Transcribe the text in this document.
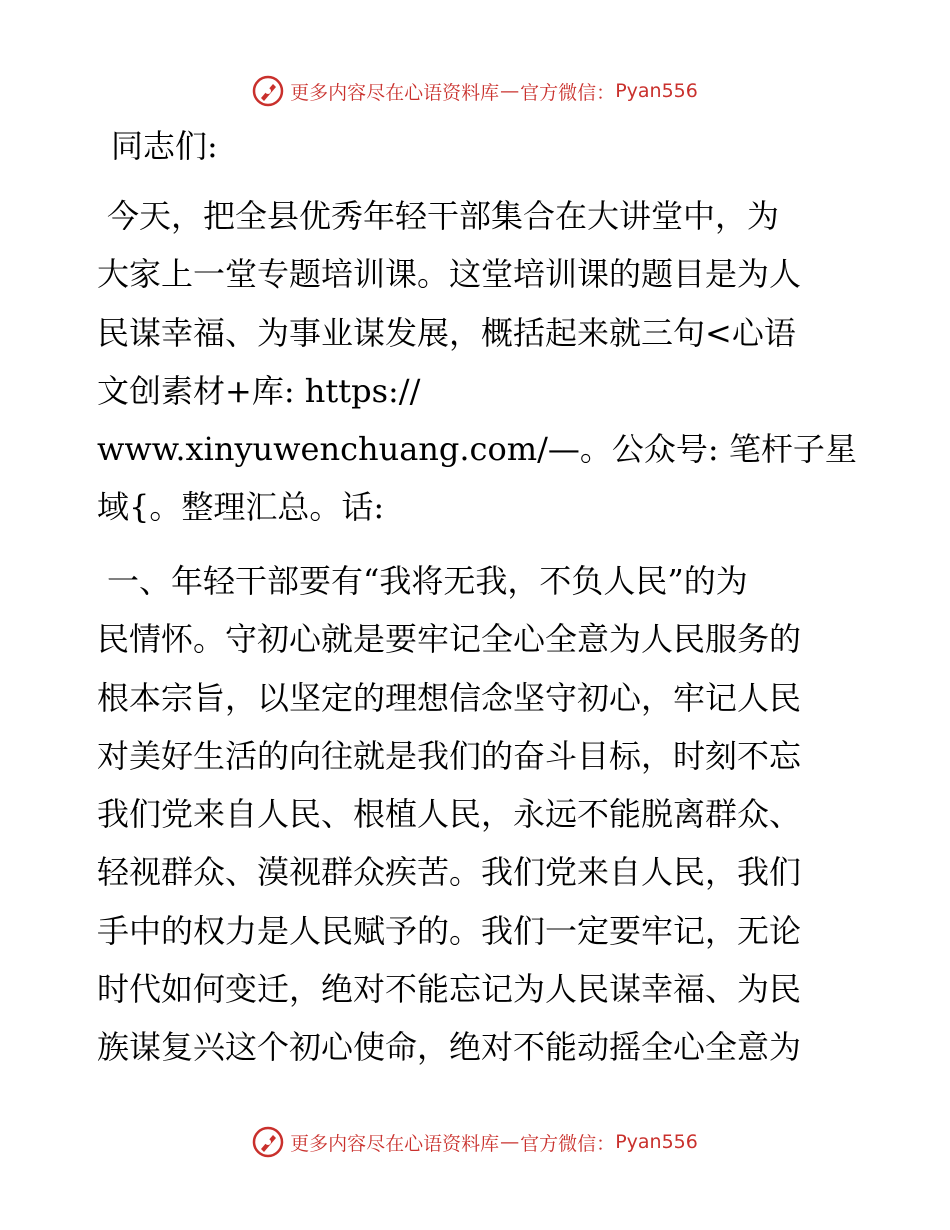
更多内容尽在心语资料库 — 官方微信： Pyan556
同志们:
今天，把全县优秀年轻干部集合在大讲堂中，为
大家上一堂专题培训课。这堂培训课的题目是为人
民谋幸福、为事业谋发展，概括起来就三句<心语
文创素材+库: https://
www.xinyuwenchuang.com/—。公众号: 笔杆子星
域{。整理汇总。话:
一、年轻干部要有“我将无我，不负人民”的为
民情怀。守初心就是要牢记全心全意为人民服务的
根本宗旨，以坚定的理想信念坚守初心，牢记人民
对美好生活的向往就是我们的奋斗目标，时刻不忘
我们党来自人民、根植人民，永远不能脱离群众、
轻视群众、漠视群众疾苦。我们党来自人民，我们
手中的权力是人民赋予的。我们一定要牢记，无论
时代如何变迁，绝对不能忘记为人民谋幸福、为民
族谋复兴这个初心使命，绝对不能动摇全心全意为
更多内容尽在心语资料库 — 官方微信： Pyan556
